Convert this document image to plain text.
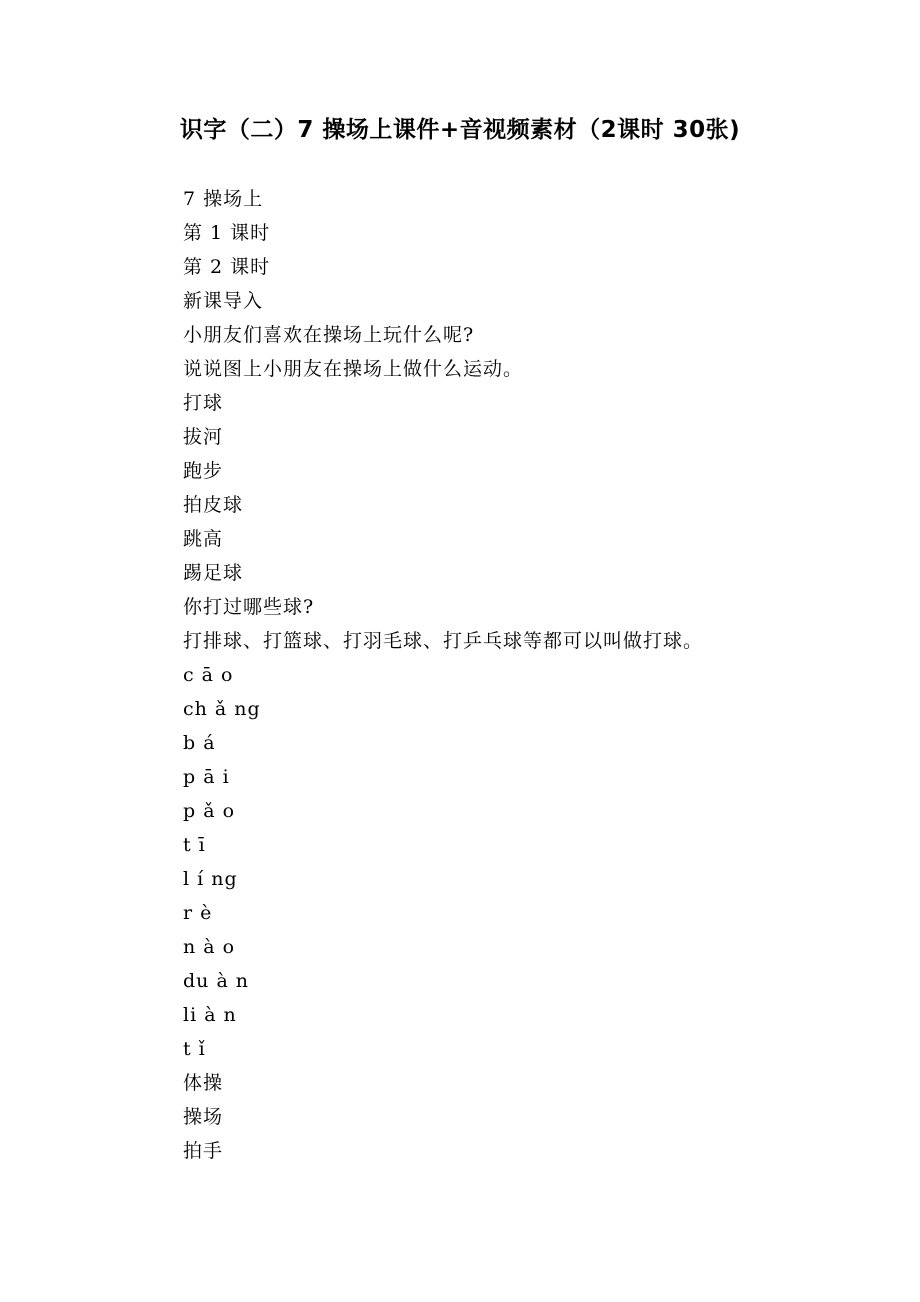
识字（二）7 操场上课件+音视频素材（2课时 30张)
7 操场上
第 1 课时
第 2 课时
新课导入
小朋友们喜欢在操场上玩什么呢?
说说图上小朋友在操场上做什么运动。
打球
拔河
跑步
拍皮球
跳高
踢足球
你打过哪些球?
打排球、打篮球、打羽毛球、打乒乓球等都可以叫做打球。
c ā o
ch ǎ ng
b á
p ā i
p ǎ o
t ī
l í ng
r è
n à o
du à n
li à n
t ǐ
体操
操场
拍手
